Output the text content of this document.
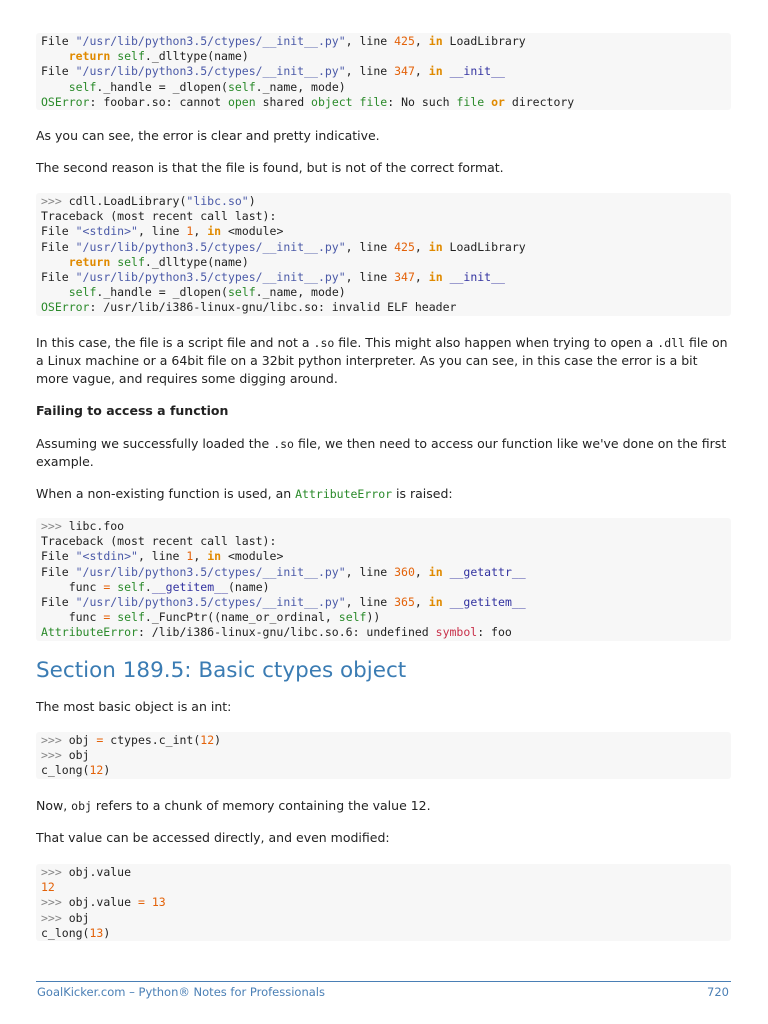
File "/usr/lib/python3.5/ctypes/__init__.py", line 425, in LoadLibrary
return self._dlltype(name)
File "/usr/lib/python3.5/ctypes/__init__.py", line 347, in __init__
self._handle = _dlopen(self._name, mode)
OSError: foobar.so: cannot open shared object file: No such file or directory

As you can see, the error is clear and pretty indicative.

The second reason is that the file is found, but is not of the correct format.

>>> cdll.LoadLibrary("libc.so")
Traceback (most recent call last):
File "<stdin>", line 1, in <module>
File "/usr/lib/python3.5/ctypes/__init__.py", line 425, in LoadLibrary
return self._dlltype(name)
File "/usr/lib/python3.5/ctypes/__init__.py", line 347, in __init__
self._handle = _dlopen(self._name, mode)
OSError: /usr/lib/i386-linux-gnu/libc.so: invalid ELF header

In this case, the file is a script file and not a .so file. This might also happen when trying to open a .dll file on a Linux machine or a 64bit file on a 32bit python interpreter. As you can see, in this case the error is a bit more vague, and requires some digging around.

Failing to access a function

Assuming we successfully loaded the .so file, we then need to access our function like we've done on the first example.

When a non-existing function is used, an AttributeError is raised:

>>> libc.foo
Traceback (most recent call last):
File "<stdin>", line 1, in <module>
File "/usr/lib/python3.5/ctypes/__init__.py", line 360, in __getattr__
func = self.__getitem__(name)
File "/usr/lib/python3.5/ctypes/__init__.py", line 365, in __getitem__
func = self._FuncPtr((name_or_ordinal, self))
AttributeError: /lib/i386-linux-gnu/libc.so.6: undefined symbol: foo
Section 189.5: Basic ctypes object

The most basic object is an int:

>>> obj = ctypes.c_int(12)
>>> obj
c_long(12)

Now, obj refers to a chunk of memory containing the value 12.

That value can be accessed directly, and even modified:

>>> obj.value
12
>>> obj.value = 13
>>> obj
c_long(13)
GoalKicker.com – Python® Notes for Professionals	720
